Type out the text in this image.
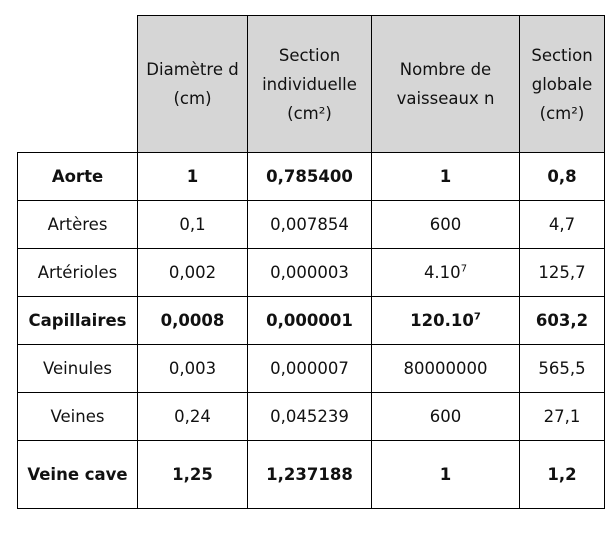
	Diamètre d (cm)	Section individuelle (cm²)	Nombre de vaisseaux n	Section globale (cm²)
Aorte	1	0,785400	1	0,8
Artères	0,1	0,007854	600	4,7
Artérioles	0,002	0,000003	4.10$^7$	125,7
Capillaires	0,0008	0,000001	120.10$^7$	603,2
Veinules	0,003	0,000007	80000000	565,5
Veines	0,24	0,045239	600	27,1
Veine cave	1,25	1,237188	1	1,2
